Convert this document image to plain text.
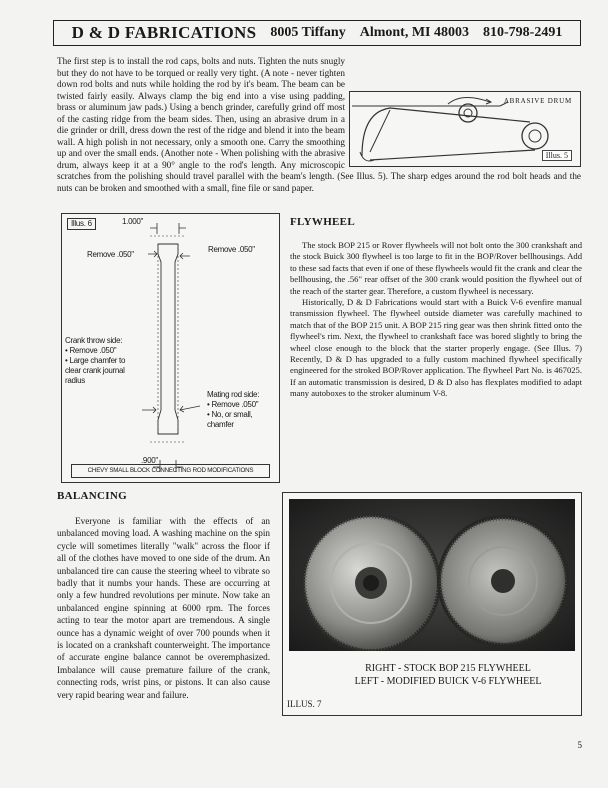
D & D FABRICATIONS 8005 Tiffany Almont, MI 48003 810-798-2491
The first step is to install the rod caps, bolts and nuts. Tighten the nuts snugly but they do not have to be torqued or really very tight. (A note - never tighten down rod bolts and nuts while holding the rod by it's beam. The beam can be twisted fairly easily. Always clamp the big end into a vise using padding, brass or aluminum jaw pads.) Using a bench grinder, carefully grind off most of the casting ridge from the beam sides. Then, using an abrasive drum in a die grinder or drill, dress down the rest of the ridge and blend it into the beam wall. A high polish in not necessary, only a smooth one. Carry the smoothing up and over the small ends. (Another note - When polishing with the abrasive drum, always keep it at a 90° angle to the rod's length. Any microscopic scratches from the polishing should travel parallel with the beam's length. (See Illus. 5). The sharp edges around the rod bolt heads and the nuts can be broken and smoothed with a small, fine file or sand paper.
ABRASIVE DRUM
Illus. 5
Illus. 6	1.000"
Remove .050"
Remove .050"
Crank throw side:
• Remove .050"
• Large chamfer to clear crank journal radius
Mating rod side:
• Remove .050"
• No, or small, chamfer
.900"
CHEVY SMALL BLOCK CONNECTING ROD MODIFICATIONS
FLYWHEEL

The stock BOP 215 or Rover flywheels will not bolt onto the 300 crankshaft and the stock Buick 300 flywheel is too large to fit in the BOP/Rover bellhousings. Add to these sad facts that even if one of these flywheels would fit the crank and clear the bellhousing, the .56" rear offset of the 300 crank would position the flywheel out of the reach of the starter gear. Therefore, a custom flywheel is necessary.

Historically, D & D Fabrications would start with a Buick V-6 evenfire manual transmission flywheel. The flywheel outside diameter was carefully machined to match that of the BOP 215 unit. A BOP 215 ring gear was then shrink fitted onto the flywheel's rim. Next, the flywheel to crankshaft face was bored slightly to bring the wheel close enough to the block that the starter properly engage. (See Illus. 7) Recently, D & D has upgraded to a fully custom machined flywheel specifically engineered for the stroked BOP/Rover application. The flywheel Part No. is 467025. If an automatic transmission is desired, D & D also has flexplates modified to adapt many autoboxes to the stroker aluminum V-8.

BALANCING

Everyone is familiar with the effects of an unbalanced moving load. A washing machine on the spin cycle will sometimes literally "walk" across the floor if all of the clothes have moved to one side of the drum. An unbalanced tire can cause the steering wheel to vibrate so badly that it numbs your hands. These are occurring at only a few hundred revolutions per minute. Now take an unbalanced engine spinning at 6000 rpm. The forces acting to tear the motor apart are tremendous. A single ounce has a dynamic weight of over 700 pounds when it is located on a crankshaft counterweight. The importance of accurate engine balance cannot be overemphasized. Imbalance will cause premature failure of the crank, connecting rods, wrist pins, or pistons. It can also cause very rapid bearing wear and failure.

RIGHT - STOCK BOP 215 FLYWHEEL
LEFT - MODIFIED BUICK V-6 FLYWHEEL
ILLUS. 7
5
